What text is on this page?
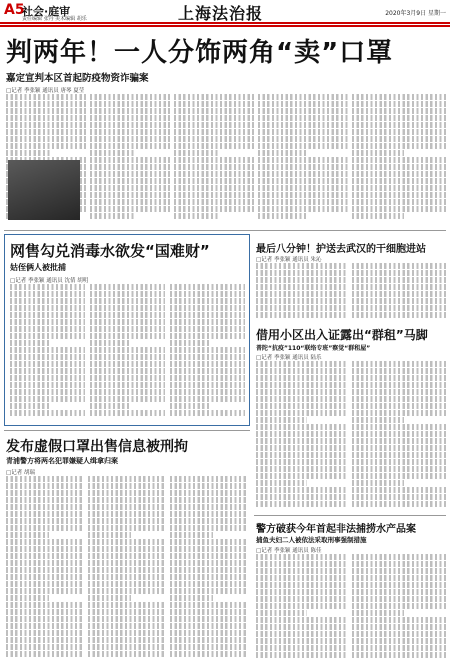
A5
社会·庭审
责任编辑 张丹 美术编辑 胡乐	上海法治报	2020年3月9日 星期一
判两年！一人分饰两角“卖”口罩
嘉定宣判本区首起防疫物资诈骗案
□记者 季张颖 通讯员 唐琴 夏莹
网售勾兑消毒水欲发“国难财”
姑侄俩人被批捕
□记者 季张颖 通讯员 沈倩 胡明
最后八分钟！护送去武汉的干细胞进站
□记者 季张颖 通讯员 朱沁
借用小区出入证露出“群租”马脚
普陀“抗疫”110“联络专班”察觉“群租屋”
□记者 季张颖 通讯员 陆乐
发布虚假口罩出售信息被刑拘
青浦警方将两名犯罪嫌疑人缉拿归案
□记者 胡瑞
警方破获今年首起非法捕捞水产品案
捕鱼夫妇二人被依法采取刑事强制措施
□记者 季张颖 通讯员 陈佳
